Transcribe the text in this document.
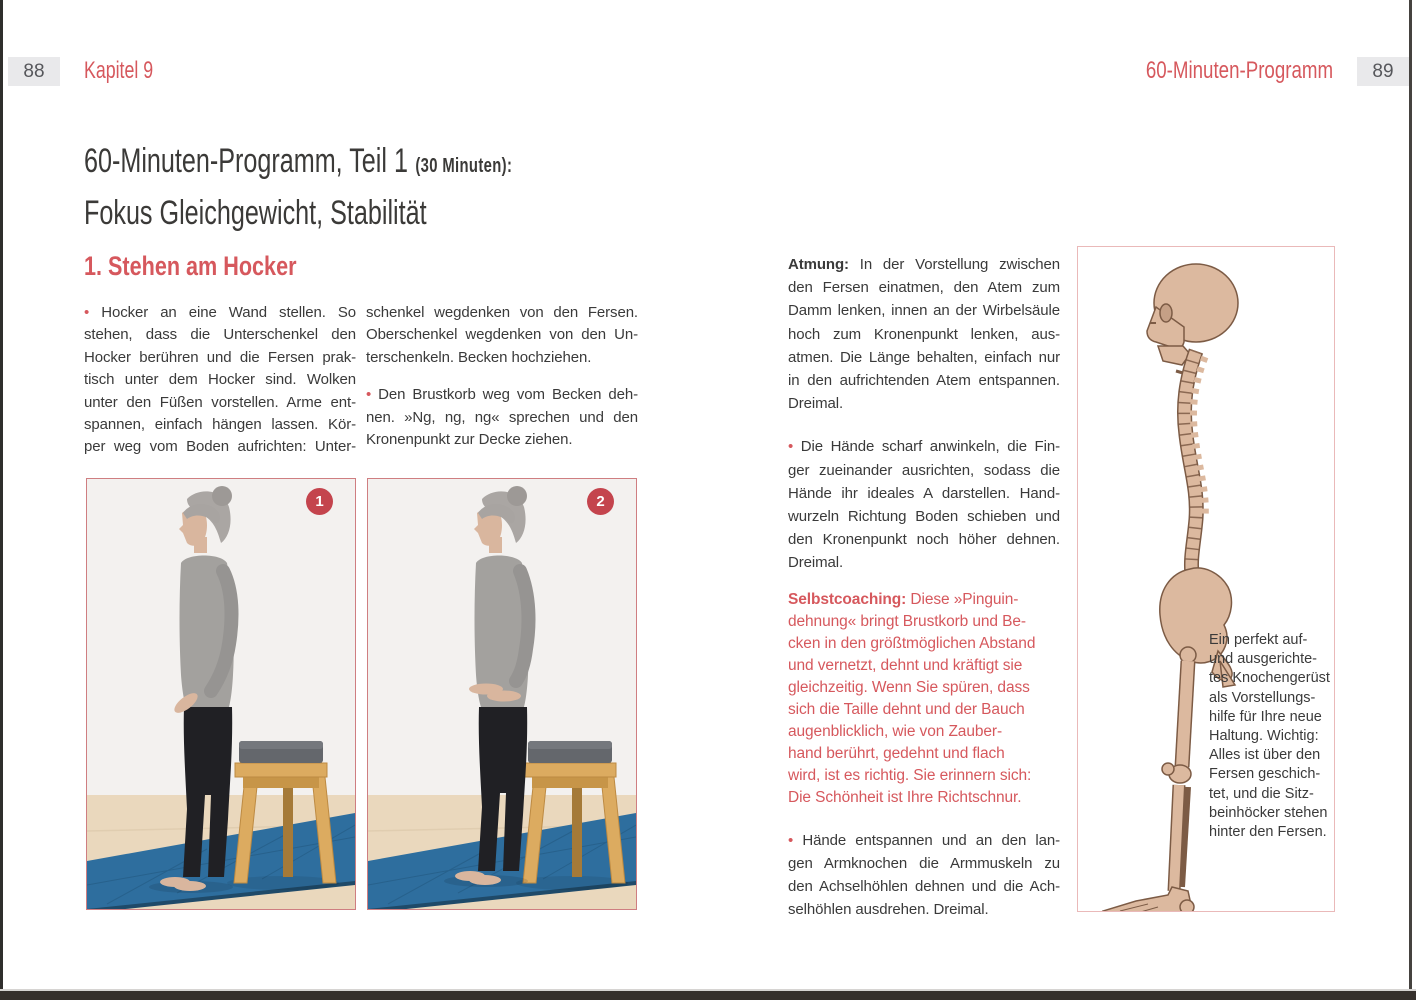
88	Kapitel 9	60-Minuten-Programm	89
60-Minuten-Programm, Teil 1 (30 Minuten):
Fokus Gleichgewicht, Stabilität
1. Stehen am Hocker
• Hocker an eine Wand stellen. So
stehen, dass die Unterschenkel den
Hocker berühren und die Fersen prak-
tisch unter dem Hocker sind. Wolken
unter den Füßen vorstellen. Arme ent-
spannen, einfach hängen lassen. Kör-
per weg vom Boden aufrichten: Unter-
schenkel wegdenken von den Fersen.
Oberschenkel wegdenken von den Un-
terschenkeln. Becken hochziehen.
• Den Brustkorb weg vom Becken deh-
nen. »Ng, ng, ng« sprechen und den
Kronenpunkt zur Decke ziehen.
1	2
Atmung: In der Vorstellung zwischen
den Fersen einatmen, den Atem zum
Damm lenken, innen an der Wirbelsäule
hoch zum Kronenpunkt lenken, aus-
atmen. Die Länge behalten, einfach nur
in den aufrichtenden Atem entspannen.
Dreimal.
• Die Hände scharf anwinkeln, die Fin-
ger zueinander ausrichten, sodass die
Hände ihr ideales A darstellen. Hand-
wurzeln Richtung Boden schieben und
den Kronenpunkt noch höher dehnen.
Dreimal.
Selbstcoaching: Diese »Pinguin-
dehnung« bringt Brustkorb und Be-
cken in den größtmöglichen Abstand
und vernetzt, dehnt und kräftigt sie
gleichzeitig. Wenn Sie spüren, dass
sich die Taille dehnt und der Bauch
augenblicklich, wie von Zauber-
hand berührt, gedehnt und flach
wird, ist es richtig. Sie erinnern sich:
Die Schönheit ist Ihre Richtschnur.
• Hände entspannen und an den lan-
gen Armknochen die Armmuskeln zu
den Achselhöhlen dehnen und die Ach-
selhöhlen ausdrehen. Dreimal.
Ein perfekt auf-
und ausgerichte-
tes Knochengerüst
als Vorstellungs-
hilfe für Ihre neue
Haltung. Wichtig:
Alles ist über den
Fersen geschich-
tet, und die Sitz-
beinhöcker stehen
hinter den Fersen.
